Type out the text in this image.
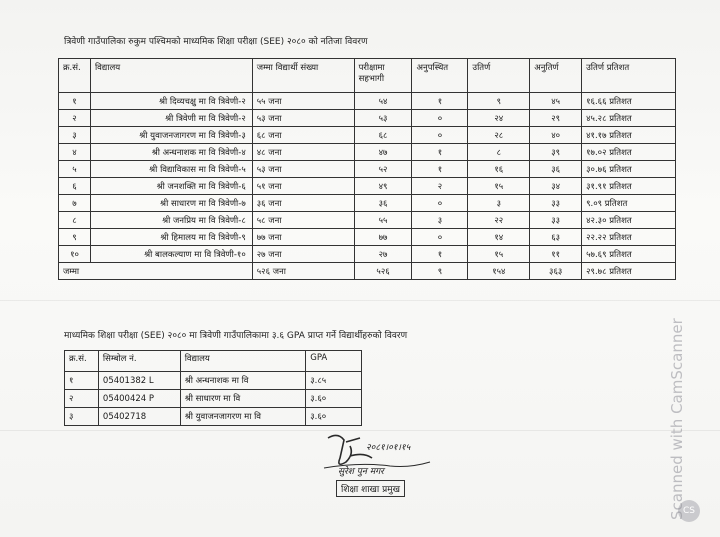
त्रिवेणी गाउँपालिका रुकुम पश्चिमको माध्यमिक शिक्षा परीक्षा (SEE) २०८० को नतिजा विवरण
क्र.सं.	विद्यालय	जम्मा विद्यार्थी संख्या	परीक्षामा सहभागी	अनुपस्थित	उतिर्ण	अनुतिर्ण	उतिर्ण प्रतिशत
१	श्री दिव्यचक्षु मा वि त्रिवेणी-२	५५ जना	५४	१	९	४५	१६.६६ प्रतिशत
२	श्री त्रिवेणी मा वि त्रिवेणी-२	५३ जना	५३	०	२४	२९	४५.२८ प्रतिशत
३	श्री युवाजनजागरण मा वि त्रिवेणी-३	६८ जना	६८	०	२८	४०	४१.१७ प्रतिशत
४	श्री अन्धनाशक मा वि त्रिवेणी-४	४८ जना	४७	१	८	३९	१७.०२ प्रतिशत
५	श्री विद्याविकास मा वि त्रिवेणी-५	५३ जना	५२	१	१६	३६	३०.७६ प्रतिशत
६	श्री जनशक्ति मा वि त्रिवेणी-६	५१ जना	४९	२	१५	३४	३१.९१ प्रतिशत
७	श्री साधारण मा वि त्रिवेणी-७	३६ जना	३६	०	३	३३	९.०९ प्रतिशत
८	श्री जनप्रिय मा वि त्रिवेणी-८	५८ जना	५५	३	२२	३३	४२.३० प्रतिशत
९	श्री हिमालय मा वि त्रिवेणी-९	७७ जना	७७	०	१४	६३	२२.२२ प्रतिशत
१०	श्री बालकल्याण मा वि त्रिवेणी-१०	२७ जना	२७	१	१५	११	५७.६९ प्रतिशत
जम्मा		५२६ जना	५२६	९	१५४	३६३	२९.७८ प्रतिशत
माध्यमिक शिक्षा परीक्षा (SEE) २०८० मा त्रिवेणी गाउँपालिकामा ३.६ GPA प्राप्त गर्ने विद्यार्थीहरुको विवरण
क्र.सं.	सिम्बोल नं.	विद्यालय	GPA
१	05401382 L	श्री अन्धनाशक मा वि	३.८५
२	05400424 P	श्री साधारण मा वि	३.६०
३	05402718	श्री युवाजनजागरण मा वि	३.६०
२०८१।०१।१५
सुरेश पुन मगर
शिक्षा शाखा प्रमुख	Scanned with CamScanner
CS
